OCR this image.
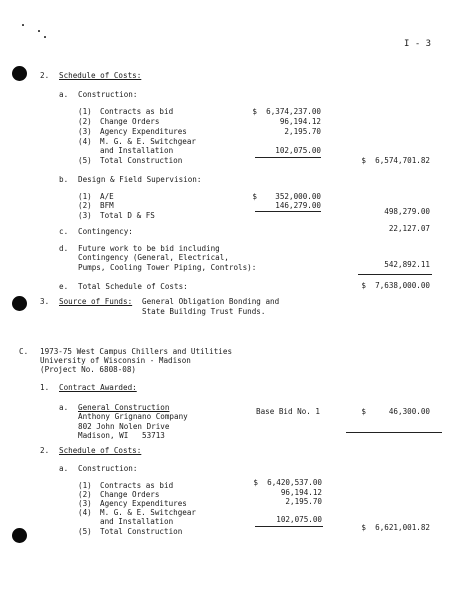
I - 3
2. Schedule of Costs:
a. Construction:
(1) Contracts as bid	$  6,374,237.00
(2) Change Orders	96,194.12
(3) Agency Expenditures	2,195.70
(4) M. G. & E. Switchgear
and Installation	102,075.00
(5) Total Construction	$  6,574,701.82
b. Design & Field Supervision:
(1) A/E	$    352,000.00
(2) BFM	146,279.00
(3) Total D & FS	498,279.00
c. Contingency:	22,127.07
d. Future work to be bid including
Contingency (General, Electrical,
Pumps, Cooling Tower Piping, Controls):	542,892.11
e. Total Schedule of Costs:	$  7,638,000.00
3. Source of Funds: General Obligation Bonding and
State Building Trust Funds.
C. 1973-75 West Campus Chillers and Utilities
University of Wisconsin - Madison
(Project No. 6808-08)
1. Contract Awarded:
a. General Construction
Anthony Grignano Company
802 John Nolen Drive
Madison, WI   53713
Base Bid No. 1	$     46,300.00
2. Schedule of Costs:
a. Construction:
(1) Contracts as bid	$  6,420,537.00
(2) Change Orders	96,194.12
(3) Agency Expenditures	2,195.70
(4) M. G. & E. Switchgear
and Installation	102,075.00
(5) Total Construction	$  6,621,001.82
